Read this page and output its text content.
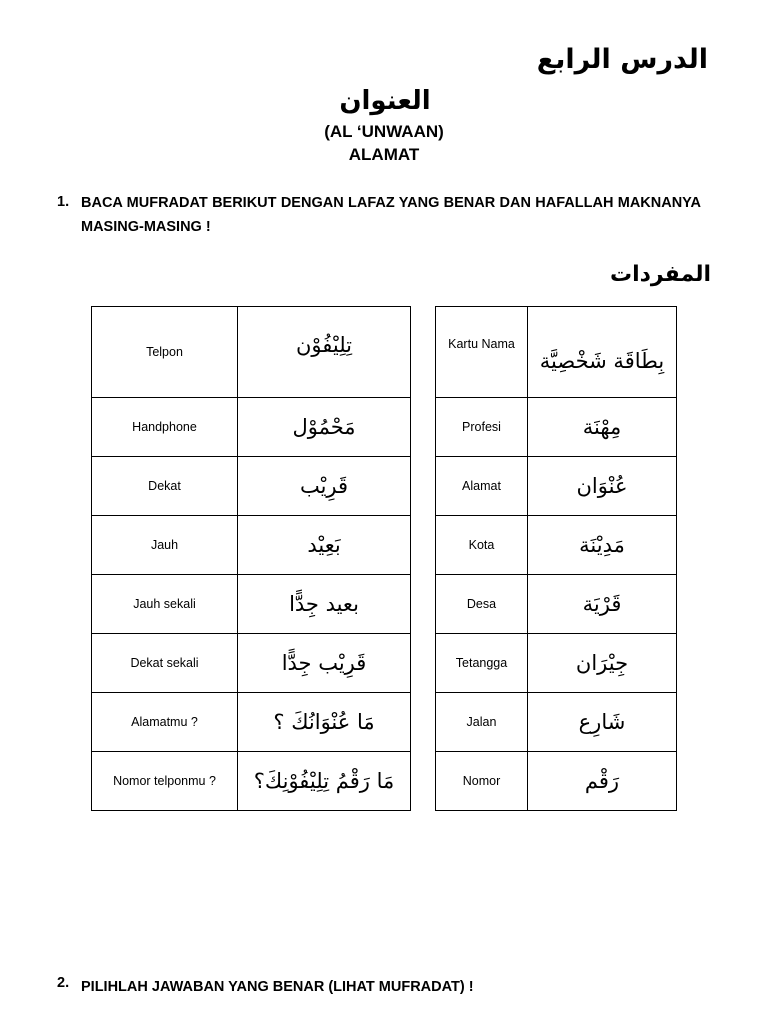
الدرس الرابع
العنوان
(AL ‘UNWAAN)
ALAMAT
1. BACA MUFRADAT BERIKUT DENGAN LAFAZ YANG BENAR DAN HAFALLAH MAKNANYA MASING-MASING !
المفردات
Telpon	تِلِيْفُوْن
Handphone	مَحْمُوْل
Dekat	قَرِيْب
Jauh	بَعِيْد
Jauh sekali	بعيد جِدًّا
Dekat sekali	قَرِيْب جِدًّا
Alamatmu ?	مَا عُنْوَانُكَ ؟
Nomor telponmu ?	مَا رَقْمُ تِلِيْفُوْنِكَ؟
Kartu Nama	بِطَاقَة شَخْصِيَّة
Profesi	مِهْنَة
Alamat	عُنْوَان
Kota	مَدِيْنَة
Desa	قَرْيَة
Tetangga	جِيْرَان
Jalan	شَارِع
Nomor	رَقْم
2. PILIHLAH JAWABAN YANG BENAR (LIHAT MUFRADAT) !
